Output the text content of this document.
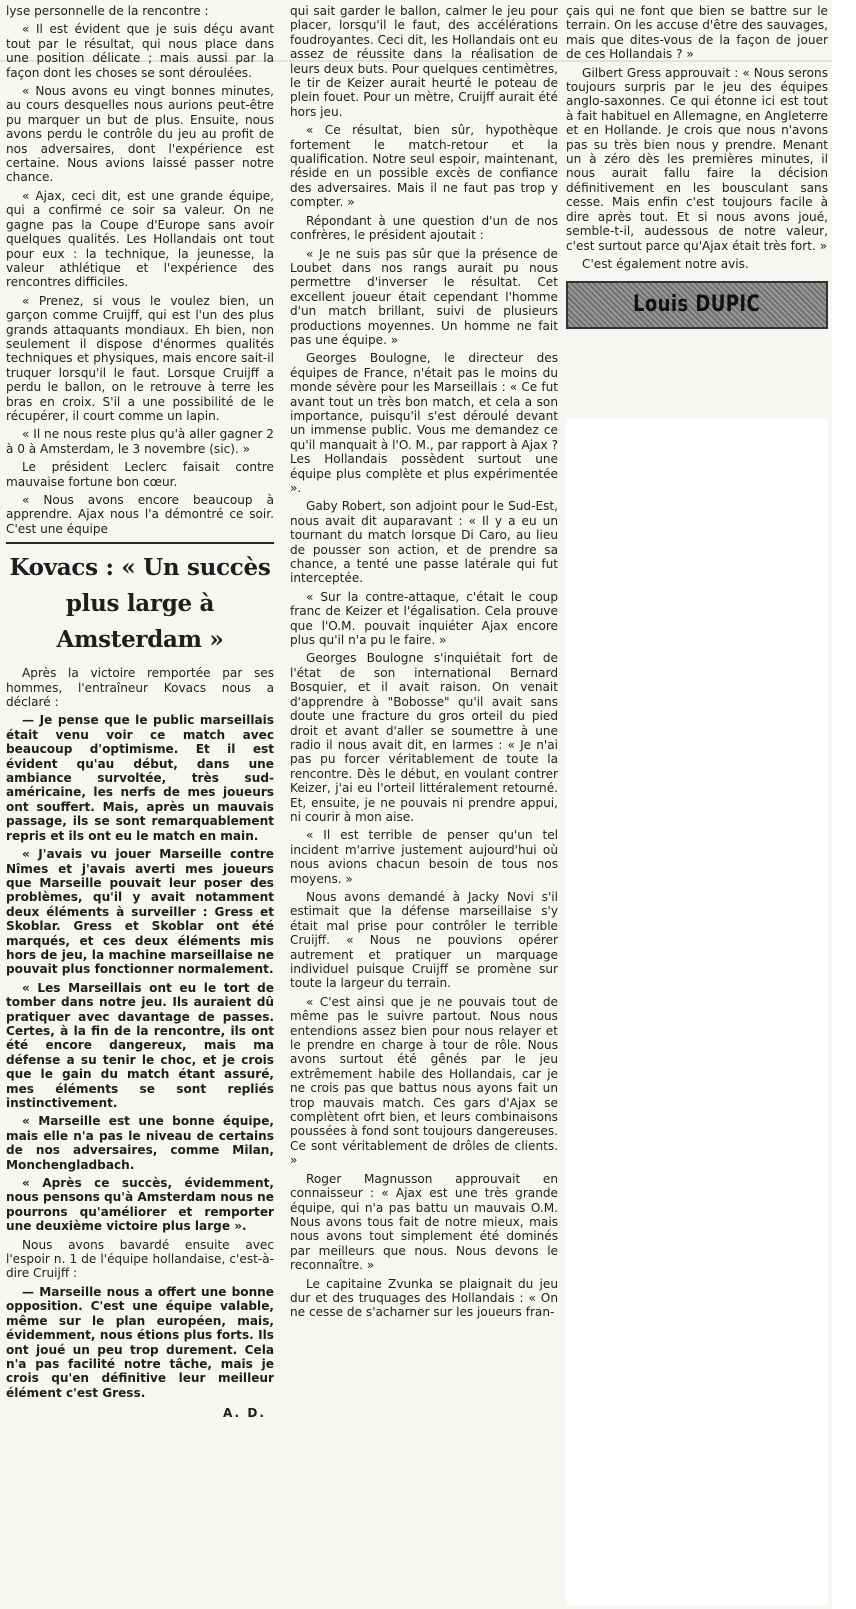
lyse personnelle de la rencontre :

« Il est évident que je suis déçu avant tout par le résultat, qui nous place dans une position délicate ; mais aussi par la façon dont les choses se sont déroulées.

« Nous avons eu vingt bonnes minutes, au cours desquelles nous aurions peut-être pu marquer un but de plus. Ensuite, nous avons perdu le contrôle du jeu au profit de nos adversaires, dont l'expérience est certaine. Nous avions laissé passer notre chance.

« Ajax, ceci dit, est une grande équipe, qui a confirmé ce soir sa valeur. On ne gagne pas la Coupe d'Europe sans avoir quelques qualités. Les Hollandais ont tout pour eux : la technique, la jeunesse, la valeur athlétique et l'expérience des rencontres difficiles.

« Prenez, si vous le voulez bien, un garçon comme Cruijff, qui est l'un des plus grands attaquants mondiaux. Eh bien, non seulement il dispose d'énormes qualités techniques et physiques, mais encore sait-il truquer lorsqu'il le faut. Lorsque Cruijff a perdu le ballon, on le retrouve à terre les bras en croix. S'il a une possibilité de le récupérer, il court comme un lapin.

« Il ne nous reste plus qu'à aller gagner 2 à 0 à Amsterdam, le 3 novembre (sic). »

Le président Leclerc faisait contre mauvaise fortune bon cœur.

« Nous avons encore beaucoup à apprendre. Ajax nous l'a démontré ce soir. C'est une équipe

Kovacs : « Un succès plus large à Amsterdam »

Après la victoire remportée par ses hommes, l'entraîneur Kovacs nous a déclaré :

— Je pense que le public marseillais était venu voir ce match avec beaucoup d'optimisme. Et il est évident qu'au début, dans une ambiance survoltée, très sud-américaine, les nerfs de mes joueurs ont souffert. Mais, après un mauvais passage, ils se sont remarquablement repris et ils ont eu le match en main.

« J'avais vu jouer Marseille contre Nîmes et j'avais averti mes joueurs que Marseille pouvait leur poser des problèmes, qu'il y avait notamment deux éléments à surveiller : Gress et Skoblar. Gress et Skoblar ont été marqués, et ces deux éléments mis hors de jeu, la machine marseillaise ne pouvait plus fonctionner normalement.

« Les Marseillais ont eu le tort de tomber dans notre jeu. Ils auraient dû pratiquer avec davantage de passes. Certes, à la fin de la rencontre, ils ont été encore dangereux, mais ma défense a su tenir le choc, et je crois que le gain du match étant assuré, mes éléments se sont repliés instinctivement.

« Marseille est une bonne équipe, mais elle n'a pas le niveau de certains de nos adversaires, comme Milan, Monchengladbach.

« Après ce succès, évidemment, nous pensons qu'à Amsterdam nous ne pourrons qu'améliorer et remporter une deuxième victoire plus large ».

Nous avons bavardé ensuite avec l'espoir n. 1 de l'équipe hollandaise, c'est-à-dire Cruijff :

— Marseille nous a offert une bonne opposition. C'est une équipe valable, même sur le plan européen, mais, évidemment, nous étions plus forts. Ils ont joué un peu trop durement. Cela n'a pas facilité notre tâche, mais je crois qu'en définitive leur meilleur élément c'est Gress.

A. D.

qui sait garder le ballon, calmer le jeu pour placer, lorsqu'il le faut, des accélérations foudroyantes. Ceci dit, les Hollandais ont eu assez de réussite dans la réalisation de leurs deux buts. Pour quelques centimètres, le tir de Keizer aurait heurté le poteau de plein fouet. Pour un mètre, Cruijff aurait été hors jeu.

« Ce résultat, bien sûr, hypothèque fortement le match-retour et la qualification. Notre seul espoir, maintenant, réside en un possible excès de confiance des adversaires. Mais il ne faut pas trop y compter. »

Répondant à une question d'un de nos confrères, le président ajoutait :

« Je ne suis pas sûr que la présence de Loubet dans nos rangs aurait pu nous permettre d'inverser le résultat. Cet excellent joueur était cependant l'homme d'un match brillant, suivi de plusieurs productions moyennes. Un homme ne fait pas une équipe. »

Georges Boulogne, le directeur des équipes de France, n'était pas le moins du monde sévère pour les Marseillais : « Ce fut avant tout un très bon match, et cela a son importance, puisqu'il s'est déroulé devant un immense public. Vous me demandez ce qu'il manquait à l'O. M., par rapport à Ajax ? Les Hollandais possèdent surtout une équipe plus complète et plus expérimentée ».

Gaby Robert, son adjoint pour le Sud-Est, nous avait dit auparavant : « Il y a eu un tournant du match lorsque Di Caro, au lieu de pousser son action, et de prendre sa chance, a tenté une passe latérale qui fut interceptée.

« Sur la contre-attaque, c'était le coup franc de Keizer et l'égalisation. Cela prouve que l'O.M. pouvait inquiéter Ajax encore plus qu'il n'a pu le faire. »

Georges Boulogne s'inquiétait fort de l'état de son international Bernard Bosquier, et il avait raison. On venait d'apprendre à "Bobosse" qu'il avait sans doute une fracture du gros orteil du pied droit et avant d'aller se soumettre à une radio il nous avait dit, en larmes : « Je n'ai pas pu forcer véritablement de toute la rencontre. Dès le début, en voulant contrer Keizer, j'ai eu l'orteil littéralement retourné. Et, ensuite, je ne pouvais ni prendre appui, ni courir à mon aise.

« Il est terrible de penser qu'un tel incident m'arrive justement aujourd'hui où nous avions chacun besoin de tous nos moyens. »

Nous avons demandé à Jacky Novi s'il estimait que la défense marseillaise s'y était mal prise pour contrôler le terrible Cruijff. « Nous ne pouvions opérer autrement et pratiquer un marquage individuel puisque Cruijff se promène sur toute la largeur du terrain.

« C'est ainsi que je ne pouvais tout de même pas le suivre partout. Nous nous entendions assez bien pour nous relayer et le prendre en charge à tour de rôle. Nous avons surtout été gênés par le jeu extrêmement habile des Hollandais, car je ne crois pas que battus nous ayons fait un trop mauvais match. Ces gars d'Ajax se complètent ofrt bien, et leurs combinaisons poussées à fond sont toujours dangereuses. Ce sont véritablement de drôles de clients. »

Roger Magnusson approuvait en connaisseur : « Ajax est une très grande équipe, qui n'a pas battu un mauvais O.M. Nous avons tous fait de notre mieux, mais nous avons tout simplement été dominés par meilleurs que nous. Nous devons le reconnaître. »

Le capitaine Zvunka se plaignait du jeu dur et des truquages des Hollandais : « On ne cesse de s'acharner sur les joueurs fran-

çais qui ne font que bien se battre sur le terrain. On les accuse d'être des sauvages, mais que dites-vous de la façon de jouer de ces Hollandais ? »

Gilbert Gress approuvait : « Nous serons toujours surpris par le jeu des équipes anglo-saxonnes. Ce qui étonne ici est tout à fait habituel en Allemagne, en Angleterre et en Hollande. Je crois que nous n'avons pas su très bien nous y prendre. Menant un à zéro dès les premières minutes, il nous aurait fallu faire la décision définitivement en les bousculant sans cesse. Mais enfin c'est toujours facile à dire après tout. Et si nous avons joué, semble-t-il, audessous de notre valeur, c'est surtout parce qu'Ajax était très fort. »

C'est également notre avis.

Louis DUPIC
